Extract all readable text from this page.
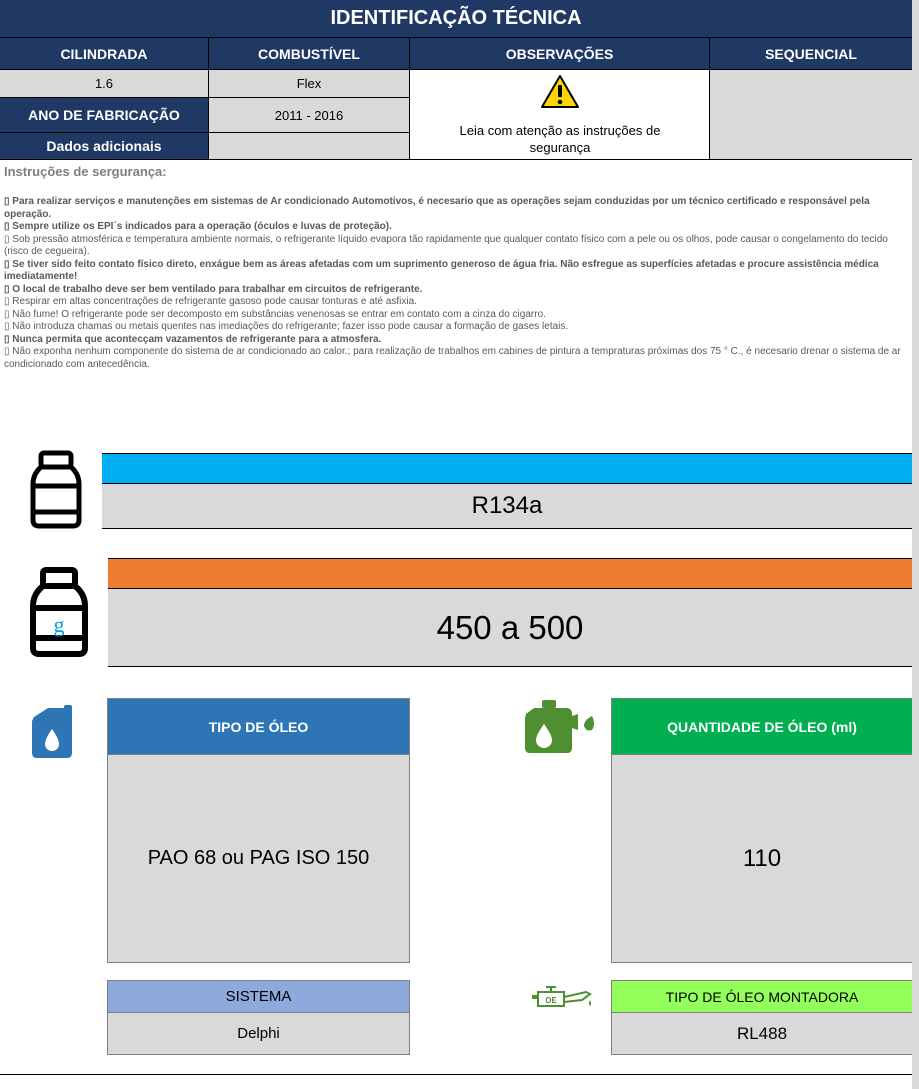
IDENTIFICAÇÃO TÉCNICA
CILINDRADA	COMBUSTÍVEL	OBSERVAÇÕES	SEQUENCIAL
1.6	Flex
Leia com atenção as instruções de segurança
ANO DE FABRICAÇÃO	2011 - 2016
Dados adicionais
Instruções de sergurança:

▯ Para realizar serviços e manutenções em sistemas de Ar condicionado Automotivos, é necesario que as operações sejam conduzidas por um técnico certificado e responsável pela operação.

▯ Sempre utilize os EPI´s indicados para a operação (óculos e luvas de proteção).

▯ Sob pressão atmosférica e temperatura ambiente normais, o refrigerante líquido evapora tão rapidamente que qualquer contato físico com a pele ou os olhos, pode causar o congelamento do tecido (risco de cegueira).

▯ Se tiver sido feito contato físico direto, enxágue bem as áreas afetadas com um suprimento generoso de água fria. Não esfregue as superfícies afetadas e procure assistência médica imediatamente!

▯ O local de trabalho deve ser bem ventilado para trabalhar em circuitos de refrigerante.

▯ Respirar em altas concentrações de refrigerante gasoso pode causar tonturas e até asfixia.

▯ Não fume! O refrigerante pode ser decomposto em substâncias venenosas se entrar em contato com a cinza do cigarro.

▯ Não introduza chamas ou metais quentes nas imediações do refrigerante; fazer isso pode causar a formação de gases letais.

▯ Nunca permita que acontecçam vazamentos de refrigerante para a atmosfera.

▯ Não exponha nenhum componente do sistema de ar condicionado ao calor.; para realização de trabalhos em cabines de pintura a tempraturas próximas dos 75 ° C., é necesario drenar o sistema de ar condicionado com antecedência.

R134a
g	450 a 500
TIPO DE ÓLEO
PAO 68 ou PAG ISO 150
QUANTIDADE DE ÓLEO (ml)
110
SISTEMA
Delphi
OE	TIPO DE ÓLEO MONTADORA
RL488
